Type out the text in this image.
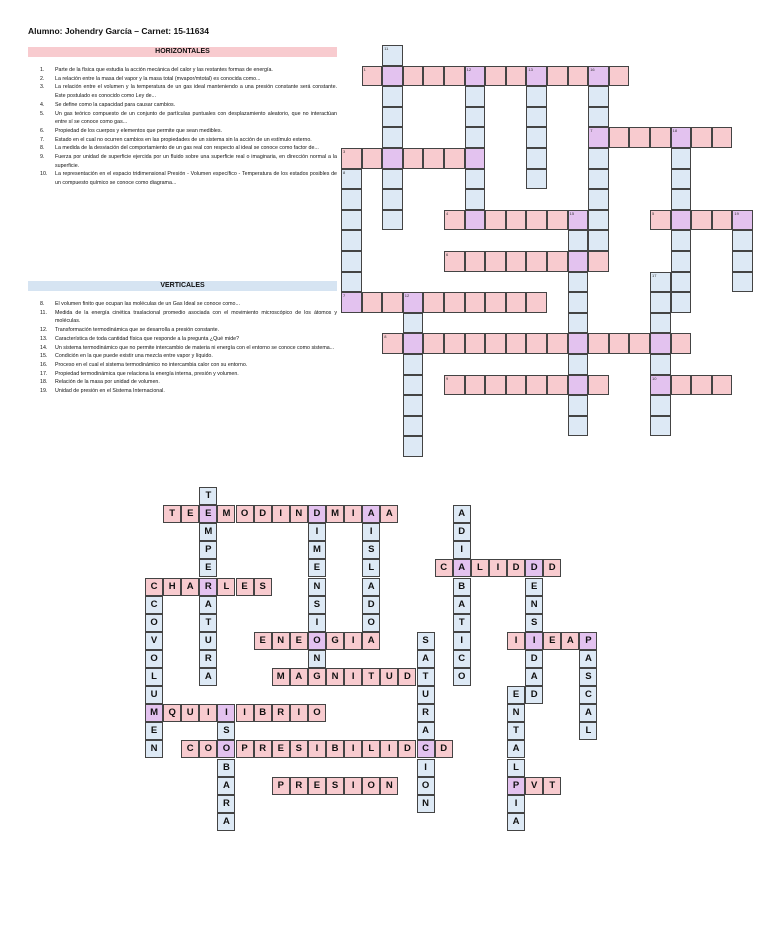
Alumno: Johendry García – Carnet: 15-11634
HORIZONTALES
1. Parte de la física que estudia la acción mecánica del calor y las restantes formas de energía.
2. La relación entre la masa del vapor y la masa total (mvapor/mtotal) es conocida como...
3. La relación entre el volumen y la temperatura de un gas ideal manteniendo a una presión constante será constante. Este postulado es conocido como Ley de...
4. Se define como la capacidad para causar cambios.
5. Un gas teórico compuesto de un conjunto de partículas puntuales con desplazamiento aleatorio, que no interactúan entre sí se conoce como gas...
6. Propiedad de los cuerpos y elementos que permite que sean medibles.
7. Estado en el cual no ocurren cambios en las propiedades de un sistema sin la acción de un estímulo externo.
8. La medida de la desviación del comportamiento de un gas real con respecto al ideal se conoce como factor de...
9. Fuerza por unidad de superficie ejercida por un fluido sobre una superficie real o imaginaria, en dirección normal a la superficie.
10. La representación en el espacio tridimensional Presión - Volumen específico - Temperatura de los estados posibles de un compuesto químico se conoce como diagrama...
VERTICALES
8. El volumen finito que ocupan las moléculas de un Gas Ideal se conoce como...
11. Medida de la energía cinética traslacional promedio asociada con el movimiento microscópico de los átomos y moléculas.
12. Transformación termodinámica que se desarrolla a presión constante.
13. Característica de toda cantidad física que responde a la pregunta ¿Qué mide?
14. Un sistema termodinámico que no permite intercambio de materia ni energía con el entorno se conoce como sistema...
15. Condición en la que puede existir una mezcla entre vapor y líquido.
16. Proceso en el cual el sistema termodinámico no intercambia calor con su entorno.
17. Propiedad termodinámica que relaciona la energía interna, presión y volumen.
18. Relación de la masa por unidad de volumen.
19. Unidad de presión en el Sistema Internacional.
1	12	13	16
7	18
3
4	15	5	19
6
7	12
8
9	10
11
8
17
T	E	E	M	O	D	I	N	D	M	I	A	A
C	A	L	I	D	D	D
C	H	A	R	L	E	S
E	N	E	O	G	I	A	I	I	E	A	P
M	A	G	N	I	T	U	D
M	Q	U	I	I	I	B	R	I	O
C	O	O	P	R	E	S	I	B	I	L	I	D	C	D
P	R	E	S	I	O	N	P	V	T
T
M
P
E
A
T
U
R
A
I
M
E
N
S
I
N
I
S
L
A
D
O
A
D
I
B
A
T
I
C
O
E
N
S
D
A
D
C
O
V
O
L
U
E
N
A
S
C
A
L
S
A
T
U
R
A
I
O
N
E
N
T
A
L
I
A
S
B
A
R
A
